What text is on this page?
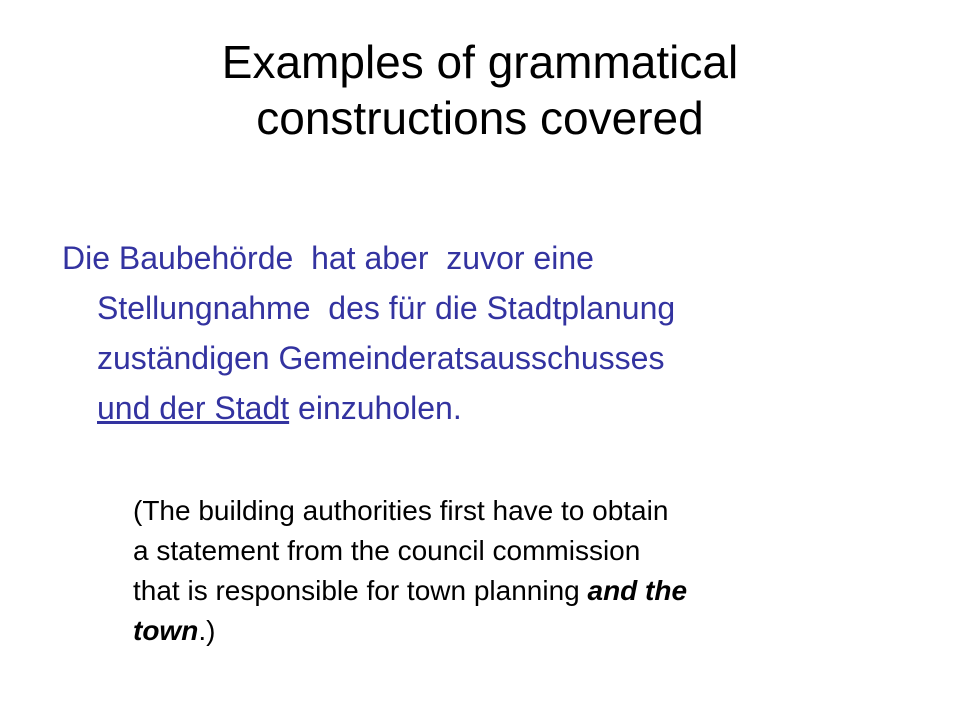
Examples of grammatical
constructions covered
Die Baubehörde  hat aber  zuvor eine
Stellungnahme  des für die Stadtplanung
zuständigen Gemeinderatsausschusses
und der Stadt einzuholen.
(The building authorities first have to obtain
a statement from the council commission
that is responsible for town planning and the
town.)
